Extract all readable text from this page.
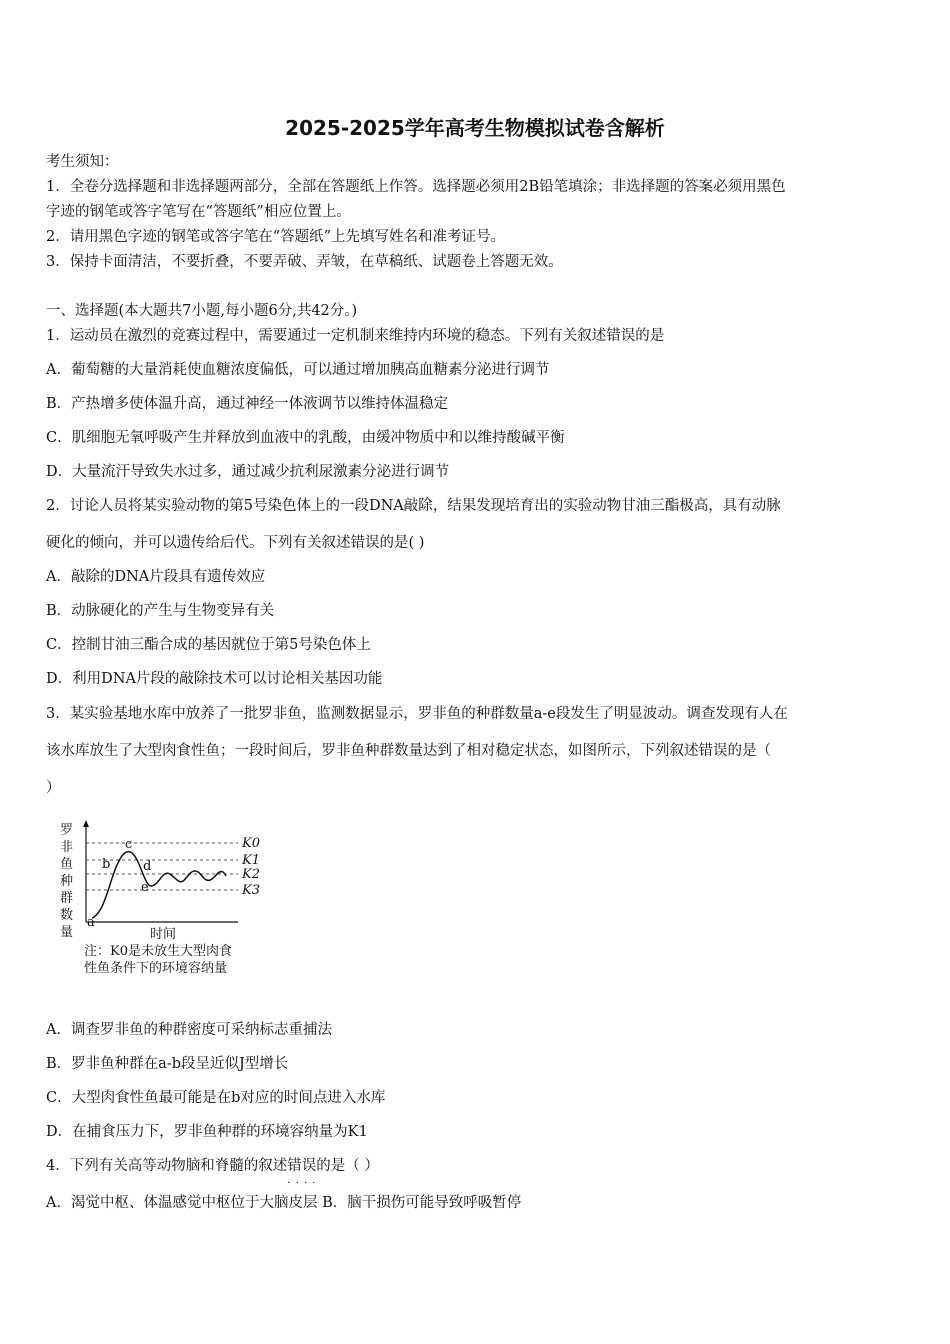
2025-2025学年高考生物模拟试卷含解析
考生须知：
1．全卷分选择题和非选择题两部分，全部在答题纸上作答。选择题必须用2B铅笔填涂；非选择题的答案必须用黑色
字迹的钢笔或答字笔写在“答题纸”相应位置上。
2．请用黑色字迹的钢笔或答字笔在“答题纸”上先填写姓名和准考证号。
3．保持卡面清洁，不要折叠，不要弄破、弄皱，在草稿纸、试题卷上答题无效。
一、选择题(本大题共7小题,每小题6分,共42分。)
1．运动员在激烈的竞赛过程中，需要通过一定机制来维持内环境的稳态。下列有关叙述错误的是
A．葡萄糖的大量消耗使血糖浓度偏低，可以通过增加胰高血糖素分泌进行调节
B．产热增多使体温升高，通过神经一体液调节以维持体温稳定
C．肌细胞无氧呼吸产生并释放到血液中的乳酸，由缓冲物质中和以维持酸碱平衡
D．大量流汗导致失水过多，通过减少抗利尿激素分泌进行调节
2．讨论人员将某实验动物的第5号染色体上的一段DNA敲除，结果发现培育出的实验动物甘油三酯极高，具有动脉
硬化的倾向，并可以遗传给后代。下列有关叙述错误的是( )
A．敲除的DNA片段具有遗传效应
B．动脉硬化的产生与生物变异有关
C．控制甘油三酯合成的基因就位于第5号染色体上
D．利用DNA片段的敲除技术可以讨论相关基因功能
3．某实验基地水库中放养了一批罗非鱼，监测数据显示，罗非鱼的种群数量a-e段发生了明显波动。调查发现有人在
该水库放生了大型肉食性鱼；一段时间后，罗非鱼种群数量达到了相对稳定状态，如图所示，下列叙述错误的是（
）
罗
非
鱼
种
群
数
量
a
b
c
d
e
K0
K1
K2
K3
时间
注：K0是未放生大型肉食
性鱼条件下的环境容纳量
A．调查罗非鱼的种群密度可采纳标志重捕法
B．罗非鱼种群在a-b段呈近似J型增长
C．大型肉食性鱼最可能是在b对应的时间点进入水库
D．在捕食压力下，罗非鱼种群的环境容纳量为K1
4．下列有关高等动物脑和脊髓的叙述错误的 · · · ·是（ ）
A．渴觉中枢、体温感觉中枢位于大脑皮层 B．脑干损伤可能导致呼吸暂停
